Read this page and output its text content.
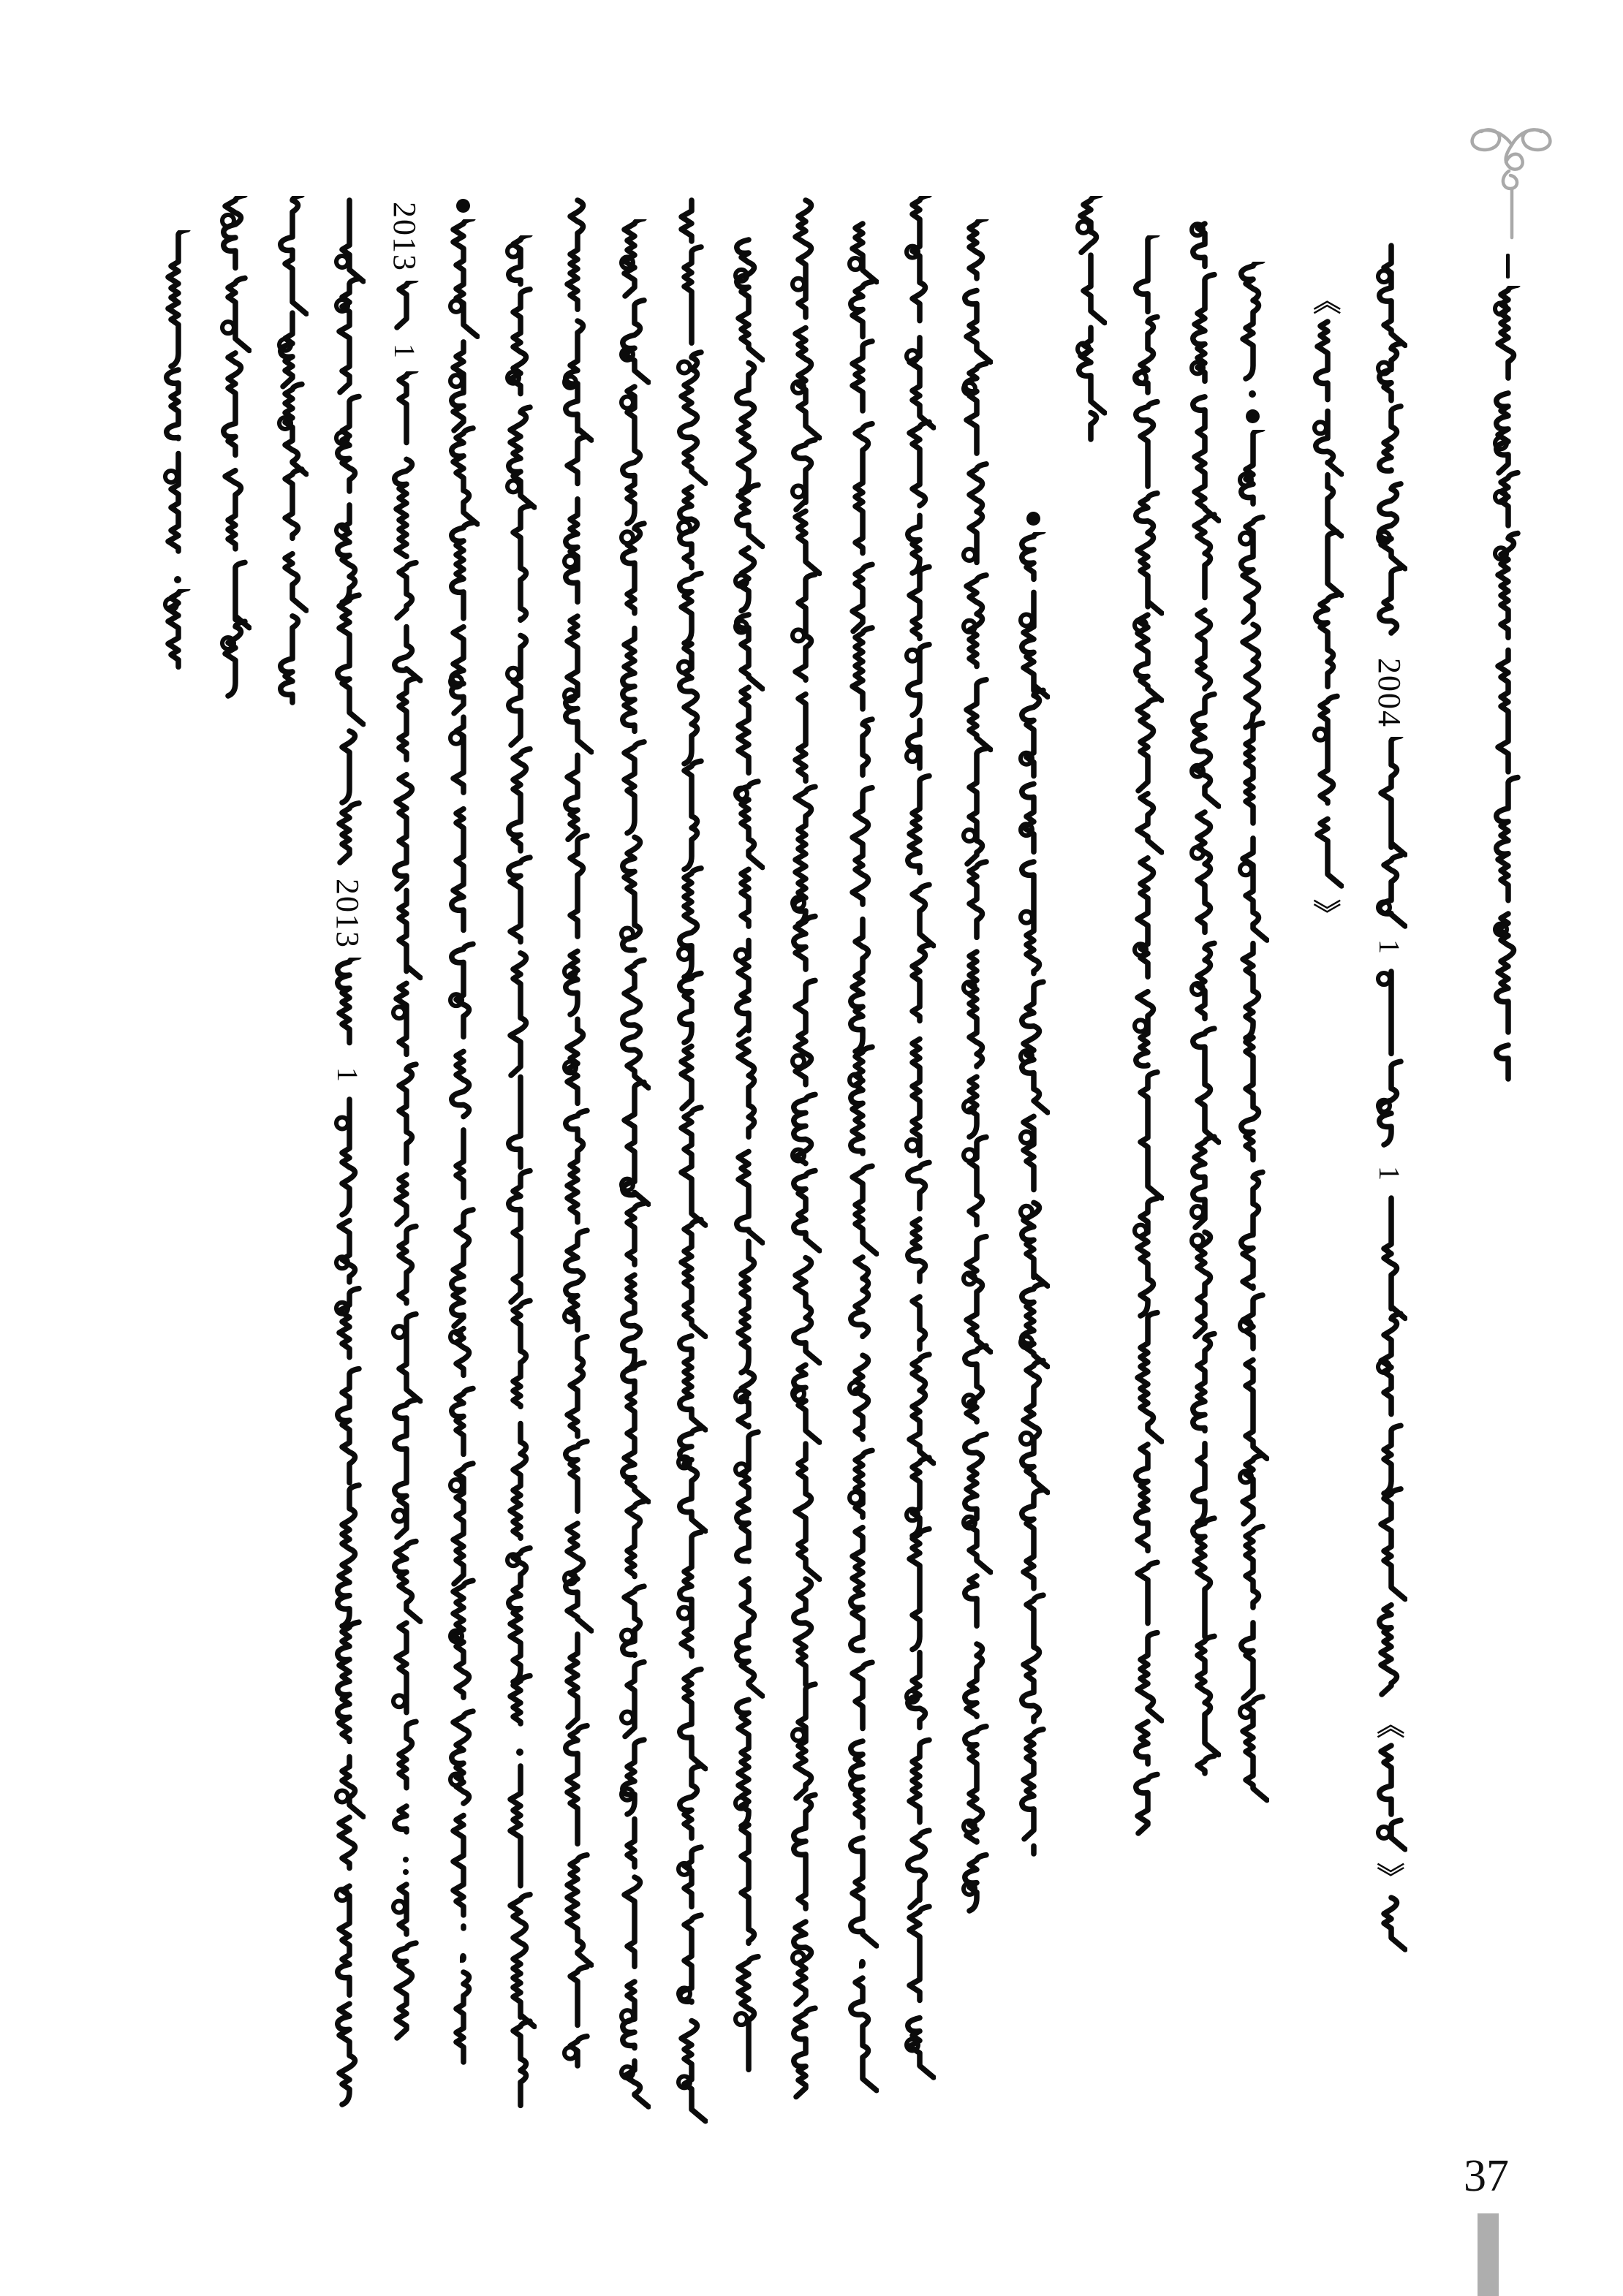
2004
1
1
《
》
《
》
2013
1
2013
1
37
